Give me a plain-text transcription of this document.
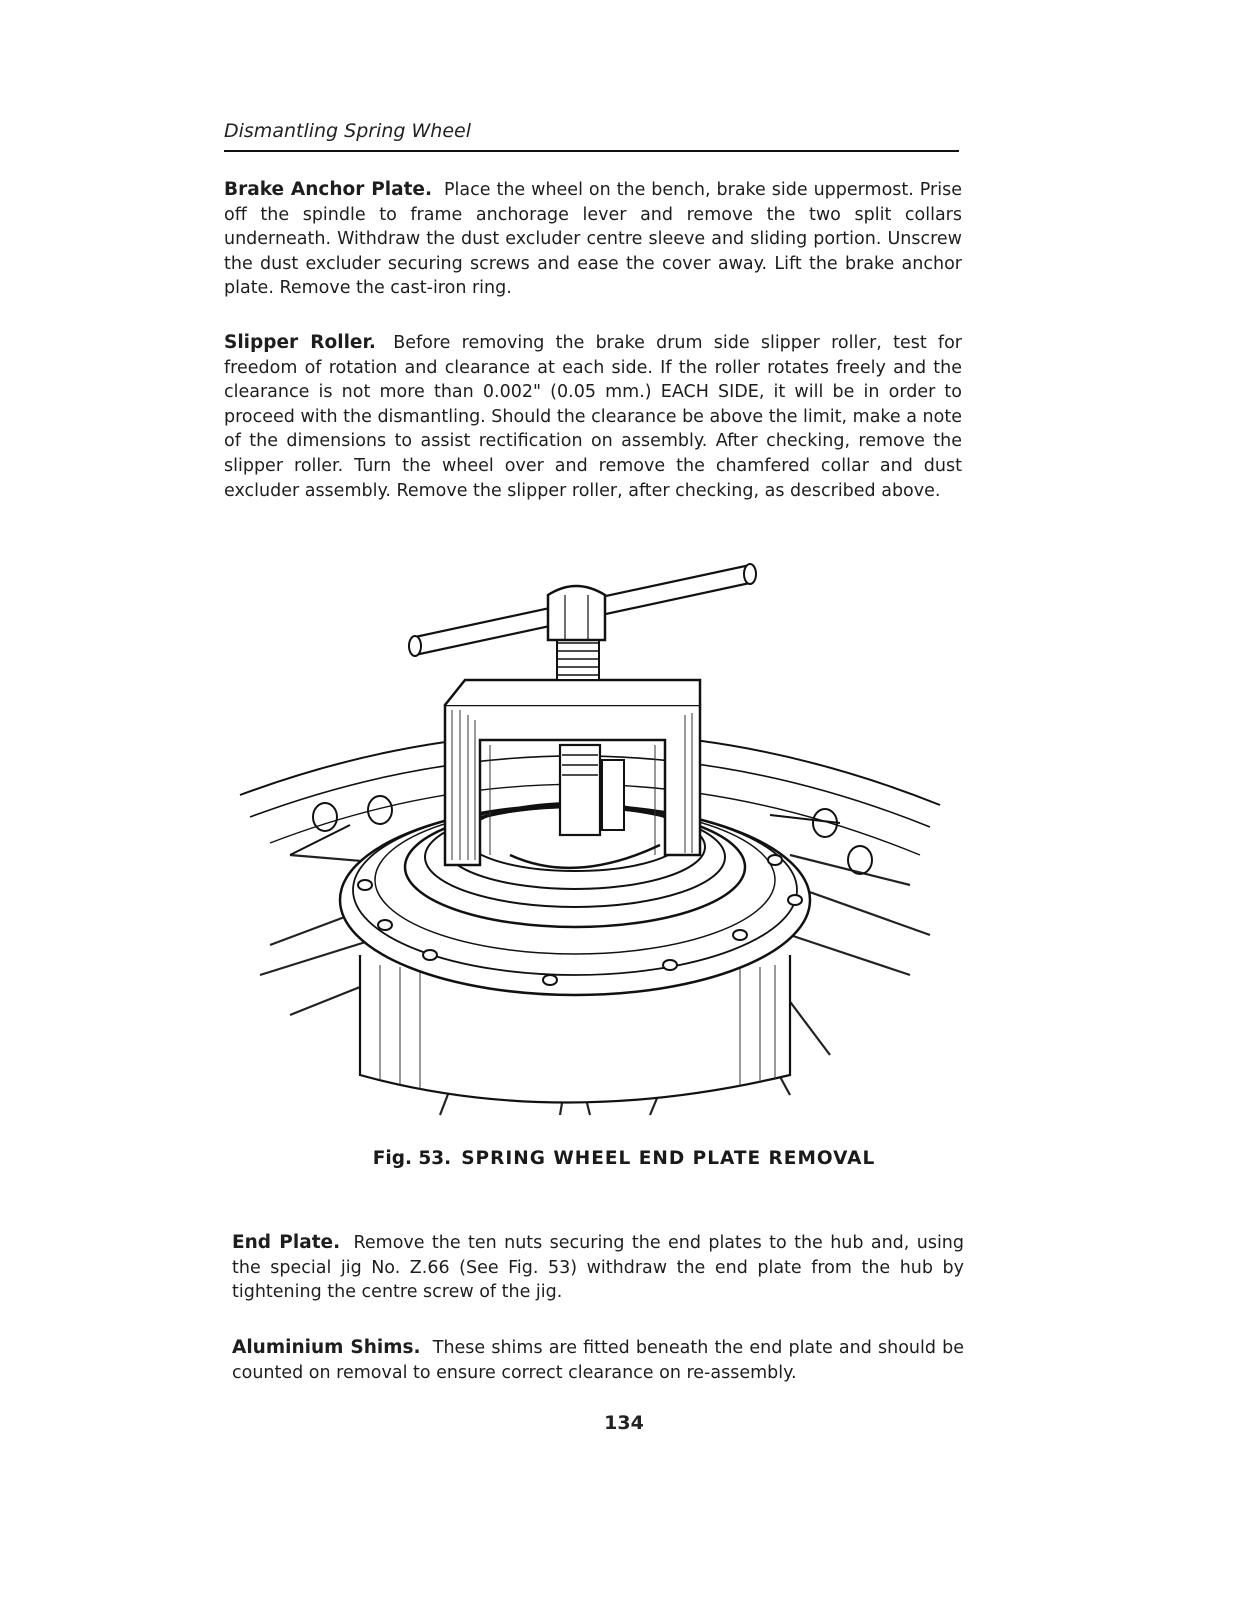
Dismantling Spring Wheel

Brake Anchor Plate. Place the wheel on the bench, brake side uppermost. Prise off the spindle to frame anchorage lever and remove the two split collars underneath. Withdraw the dust excluder centre sleeve and sliding portion. Unscrew the dust excluder securing screws and ease the cover away. Lift the brake anchor plate. Remove the cast-iron ring.

Slipper Roller. Before removing the brake drum side slipper roller, test for freedom of rotation and clearance at each side. If the roller rotates freely and the clearance is not more than 0.002" (0.05 mm.) EACH SIDE, it will be in order to proceed with the dismantling. Should the clearance be above the limit, make a note of the dimensions to assist rectification on assembly. After checking, remove the slipper roller. Turn the wheel over and remove the chamfered collar and dust excluder assembly. Remove the slipper roller, after checking, as described above.

Fig. 53. SPRING WHEEL END PLATE REMOVAL

End Plate. Remove the ten nuts securing the end plates to the hub and, using the special jig No. Z.66 (See Fig. 53) withdraw the end plate from the hub by tightening the centre screw of the jig.

Aluminium Shims. These shims are fitted beneath the end plate and should be counted on removal to ensure correct clearance on re-assembly.

134
